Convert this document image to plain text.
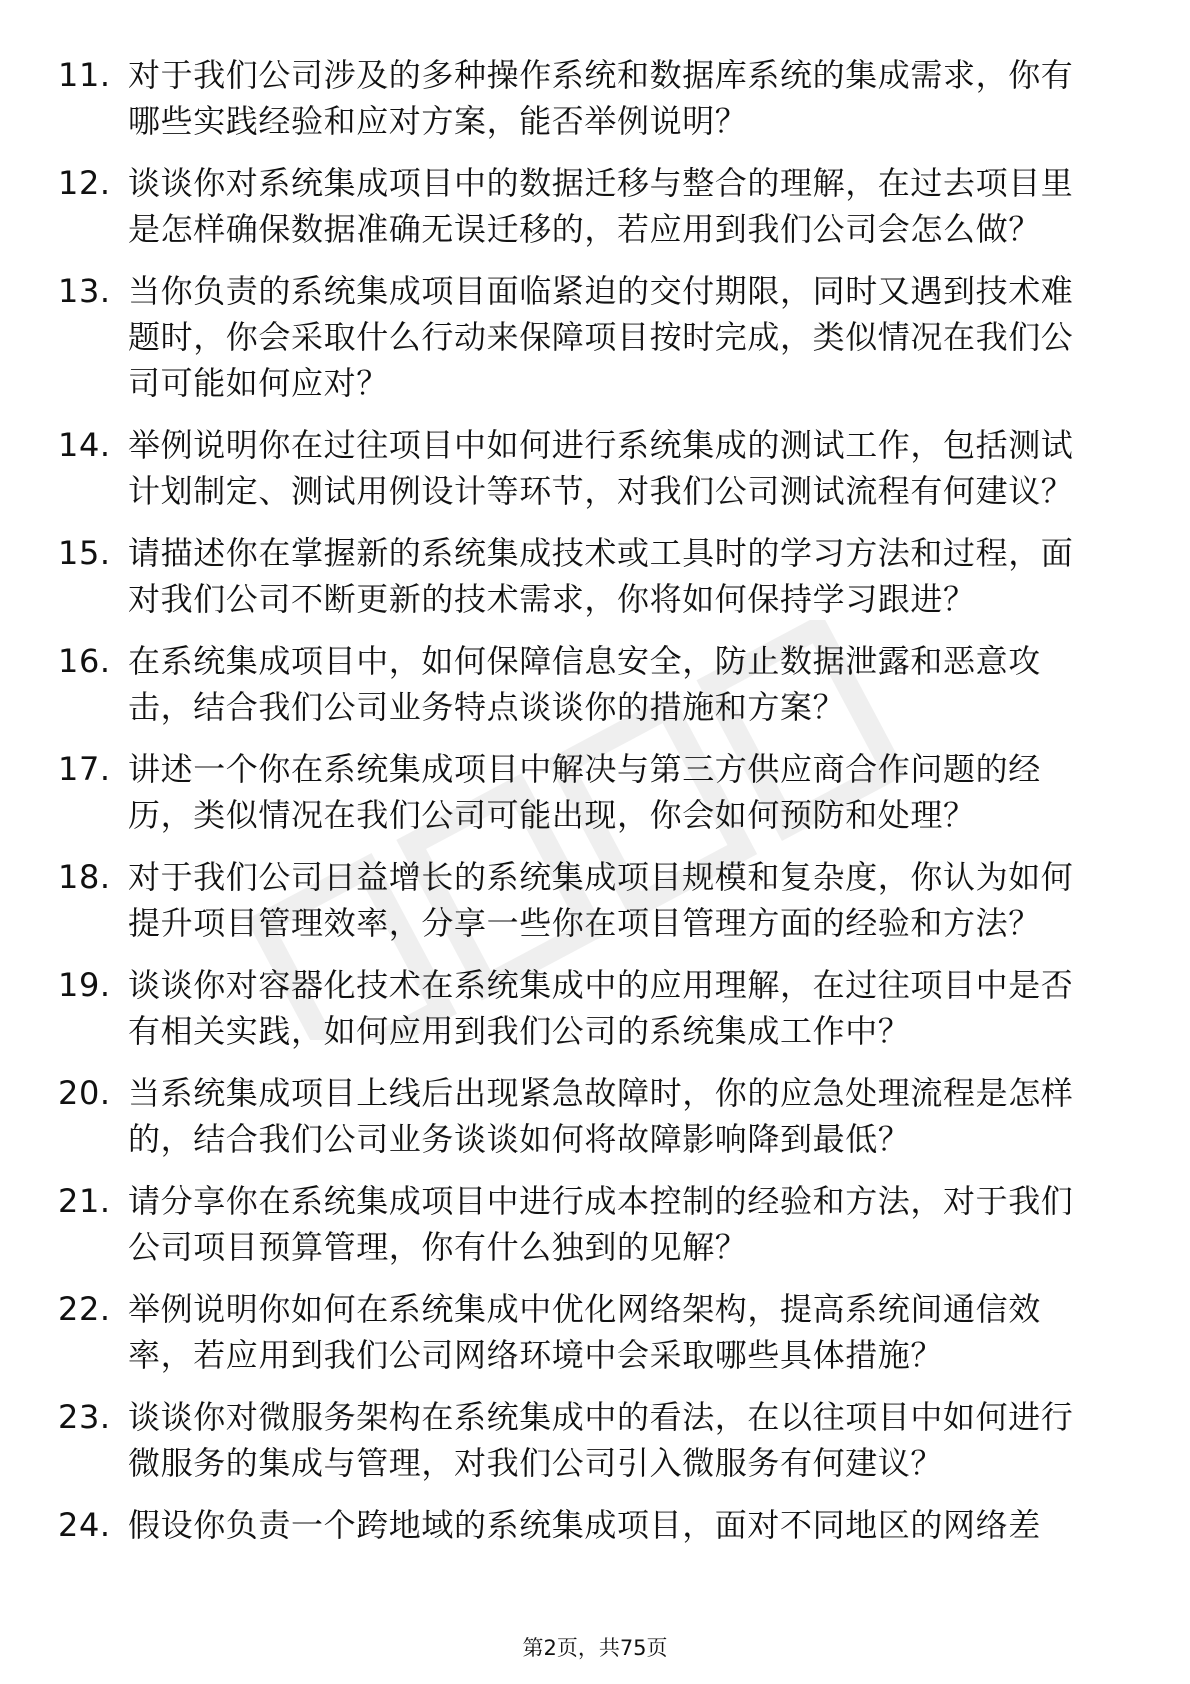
11. 对于我们公司涉及的多种操作系统和数据库系统的集成需求，你有哪些实践经验和应对方案，能否举例说明？
12. 谈谈你对系统集成项目中的数据迁移与整合的理解，在过去项目里是怎样确保数据准确无误迁移的，若应用到我们公司会怎么做？
13. 当你负责的系统集成项目面临紧迫的交付期限，同时又遇到技术难题时，你会采取什么行动来保障项目按时完成，类似情况在我们公司可能如何应对？
14. 举例说明你在过往项目中如何进行系统集成的测试工作，包括测试计划制定、测试用例设计等环节，对我们公司测试流程有何建议？
15. 请描述你在掌握新的系统集成技术或工具时的学习方法和过程，面对我们公司不断更新的技术需求，你将如何保持学习跟进？
16. 在系统集成项目中，如何保障信息安全，防止数据泄露和恶意攻击，结合我们公司业务特点谈谈你的措施和方案？
17. 讲述一个你在系统集成项目中解决与第三方供应商合作问题的经历，类似情况在我们公司可能出现，你会如何预防和处理？
18. 对于我们公司日益增长的系统集成项目规模和复杂度，你认为如何提升项目管理效率，分享一些你在项目管理方面的经验和方法？
19. 谈谈你对容器化技术在系统集成中的应用理解，在过往项目中是否有相关实践，如何应用到我们公司的系统集成工作中？
20. 当系统集成项目上线后出现紧急故障时，你的应急处理流程是怎样的，结合我们公司业务谈谈如何将故障影响降到最低？
21. 请分享你在系统集成项目中进行成本控制的经验和方法，对于我们公司项目预算管理，你有什么独到的见解？
22. 举例说明你如何在系统集成中优化网络架构，提高系统间通信效率，若应用到我们公司网络环境中会采取哪些具体措施？
23. 谈谈你对微服务架构在系统集成中的看法，在以往项目中如何进行微服务的集成与管理，对我们公司引入微服务有何建议？
24. 假设你负责一个跨地域的系统集成项目，面对不同地区的网络差
第2页，共75页
